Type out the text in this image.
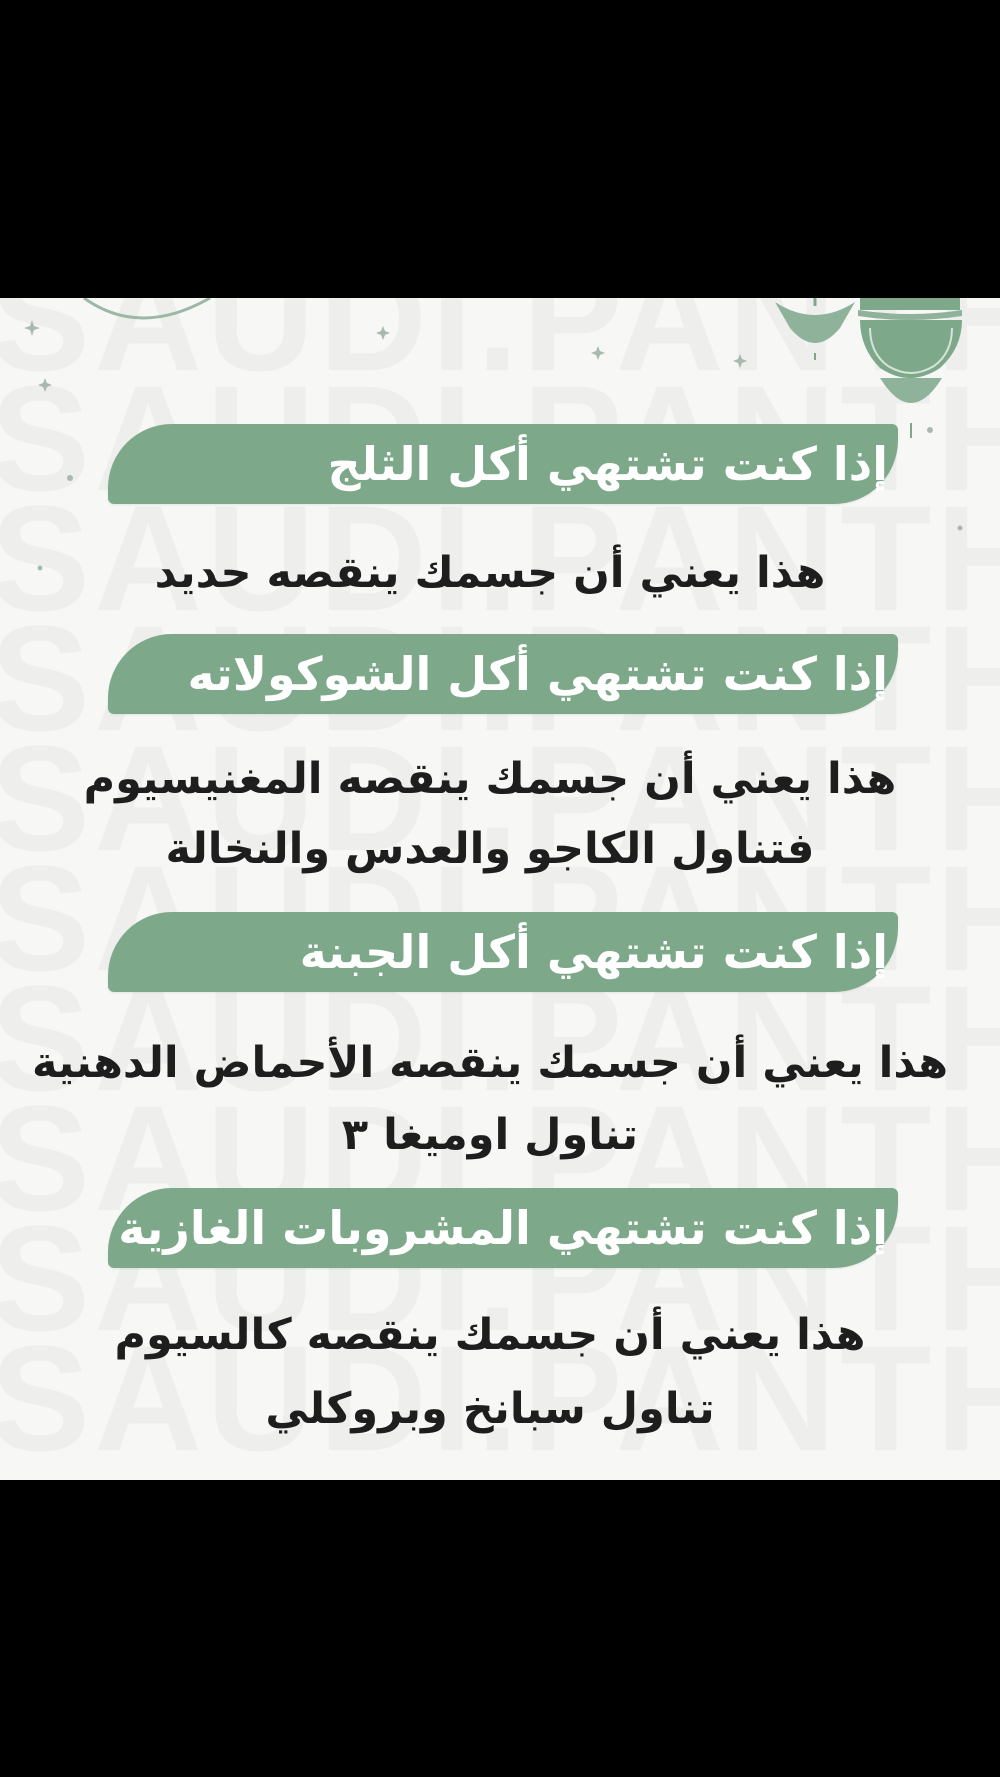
إذا كنت تشتهي أكل الثلج
هذا يعني أن جسمك ينقصه حديد
إذا كنت تشتهي أكل الشوكولاته
هذا يعني أن جسمك ينقصه المغنيسيوم
فتناول الكاجو والعدس والنخالة
إذا كنت تشتهي أكل الجبنة
هذا يعني أن جسمك ينقصه الأحماض الدهنية
تناول اوميغا ٣
إذا كنت تشتهي المشروبات الغازية
هذا يعني أن جسمك ينقصه كالسيوم
تناول سبانخ وبروكلي
